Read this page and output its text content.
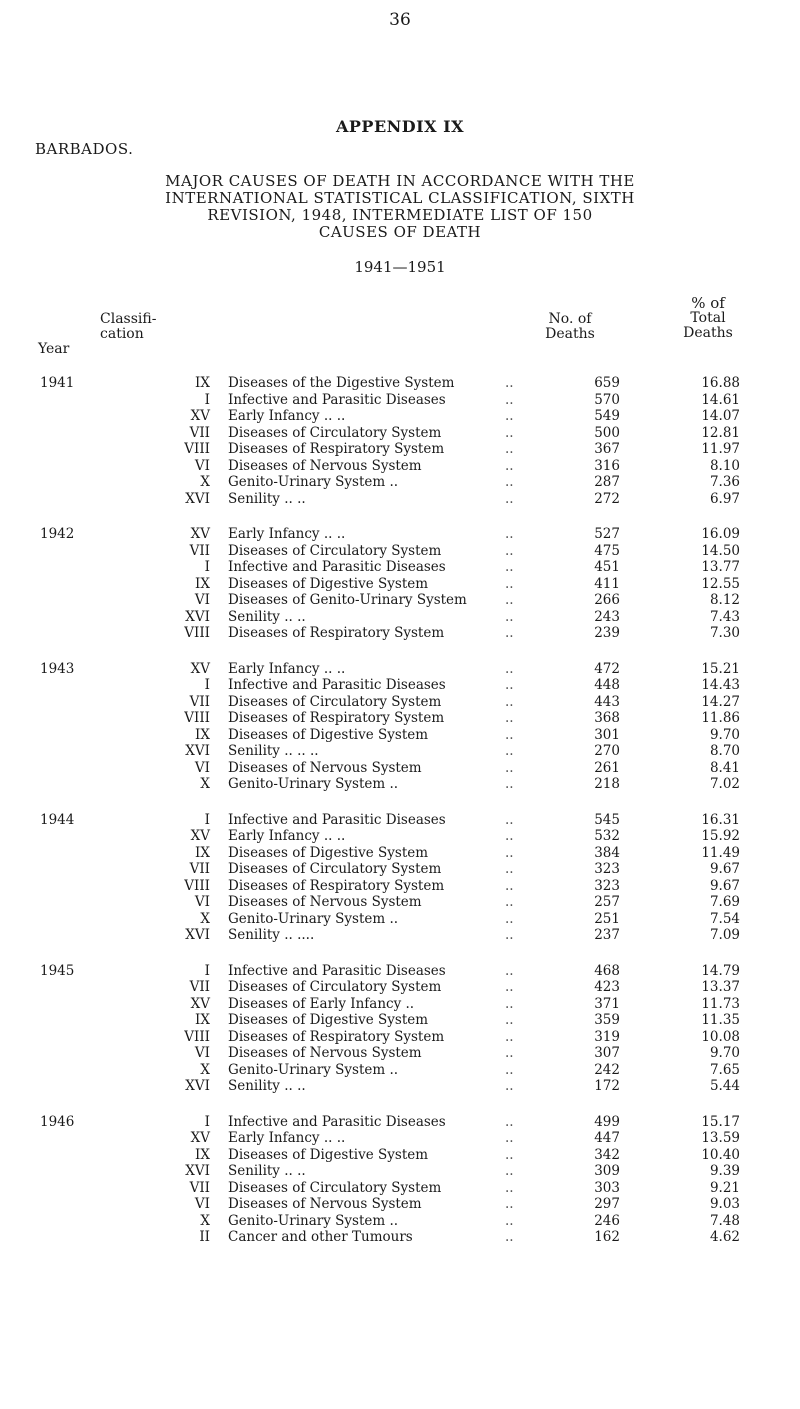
36
APPENDIX IX
BARBADOS.
MAJOR CAUSES OF DEATH IN ACCORDANCE WITH THE
INTERNATIONAL STATISTICAL CLASSIFICATION, SIXTH
REVISION, 1948, INTERMEDIATE LIST OF 150
CAUSES OF DEATH
1941—1951
Year
Classifi-
cation
No. of
Deaths
% of
Total
Deaths
1941	IX Diseases of the Digestive System	..	659	16.88
I Infective and Parasitic Diseases	..	570	14.61
XV Early Infancy .. ..	..	549	14.07
VII Diseases of Circulatory System	..	500	12.81
VIII Diseases of Respiratory System	..	367	11.97
VI Diseases of Nervous System	..	316	8.10
X Genito-Urinary System ..	..	287	7.36
XVI Senility .. ..	..	272	6.97
1942	XV Early Infancy .. ..	..	527	16.09
VII Diseases of Circulatory System	..	475	14.50
I Infective and Parasitic Diseases	..	451	13.77
IX Diseases of Digestive System	..	411	12.55
VI Diseases of Genito-Urinary System	..	266	8.12
XVI Senility .. ..	..	243	7.43
VIII Diseases of Respiratory System	..	239	7.30
1943	XV Early Infancy .. ..	..	472	15.21
I Infective and Parasitic Diseases	..	448	14.43
VII Diseases of Circulatory System	..	443	14.27
VIII Diseases of Respiratory System	..	368	11.86
IX Diseases of Digestive System	..	301	9.70
XVI Senility .. .. ..	..	270	8.70
VI Diseases of Nervous System	..	261	8.41
X Genito-Urinary System ..	..	218	7.02
1944	I Infective and Parasitic Diseases	..	545	16.31
XV Early Infancy .. ..	..	532	15.92
IX Diseases of Digestive System	..	384	11.49
VII Diseases of Circulatory System	..	323	9.67
VIII Diseases of Respiratory System	..	323	9.67
VI Diseases of Nervous System	..	257	7.69
X Genito-Urinary System ..	..	251	7.54
XVI Senility .. ....	..	237	7.09
1945	I Infective and Parasitic Diseases	..	468	14.79
VII Diseases of Circulatory System	..	423	13.37
XV Diseases of Early Infancy ..	..	371	11.73
IX Diseases of Digestive System	..	359	11.35
VIII Diseases of Respiratory System	..	319	10.08
VI Diseases of Nervous System	..	307	9.70
X Genito-Urinary System ..	..	242	7.65
XVI Senility .. ..	..	172	5.44
1946	I Infective and Parasitic Diseases	..	499	15.17
XV Early Infancy .. ..	..	447	13.59
IX Diseases of Digestive System	..	342	10.40
XVI Senility .. ..	..	309	9.39
VII Diseases of Circulatory System	..	303	9.21
VI Diseases of Nervous System	..	297	9.03
X Genito-Urinary System ..	..	246	7.48
II Cancer and other Tumours	..	162	4.62
